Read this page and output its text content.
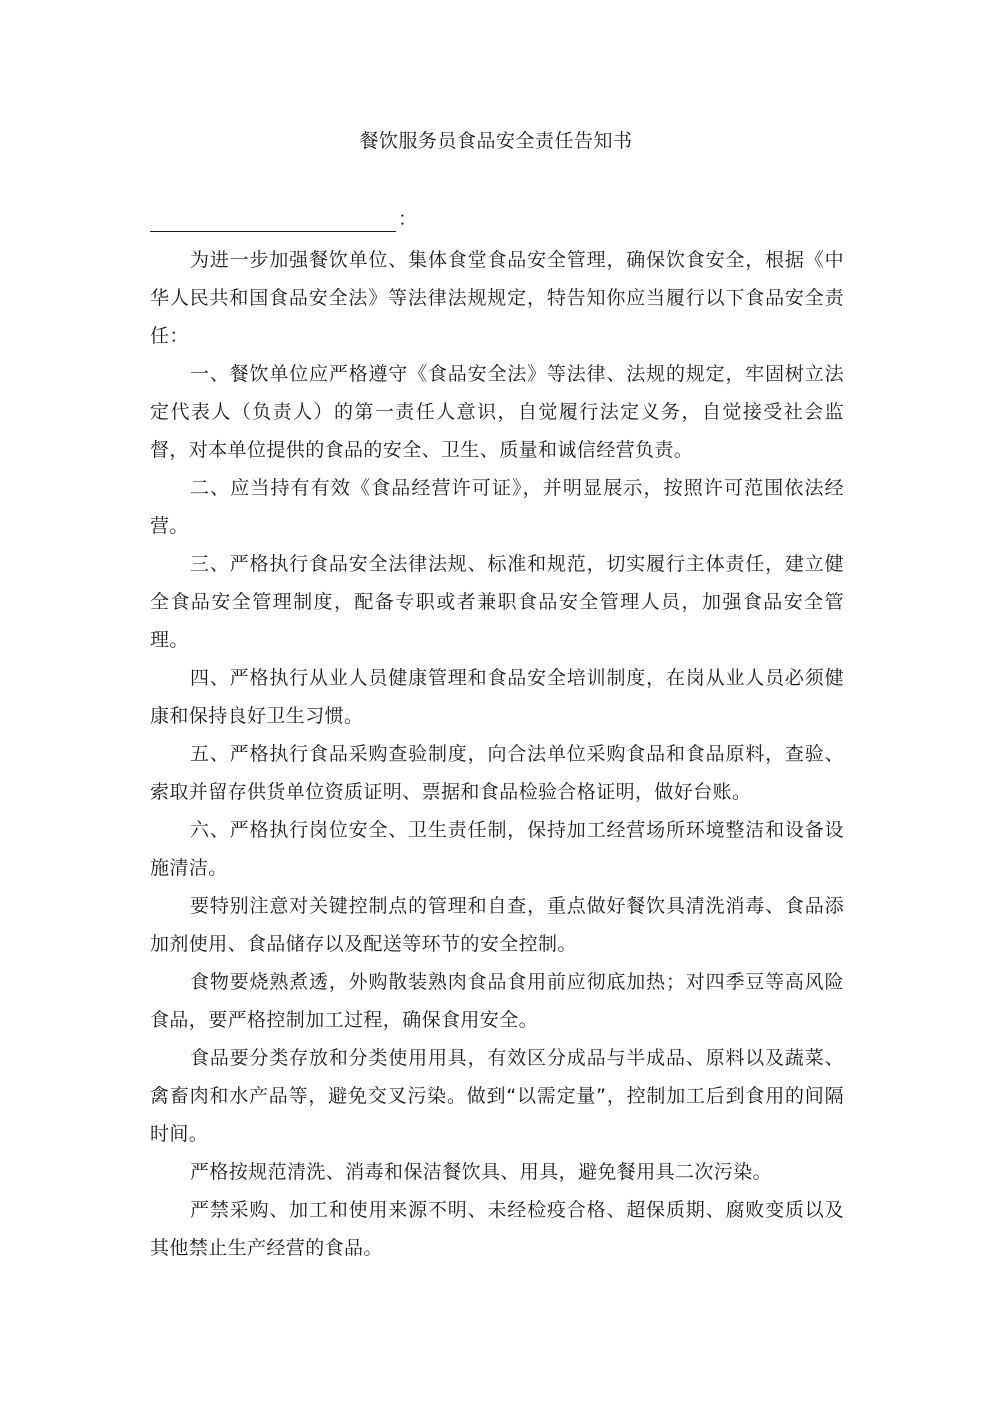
餐饮服务员食品安全责任告知书
：

为进一步加强餐饮单位、集体食堂食品安全管理，确保饮食安全，根据《中华人民共和国食品安全法》等法律法规规定，特告知你应当履行以下食品安全责任：

一、餐饮单位应严格遵守《食品安全法》等法律、法规的规定，牢固树立法定代表人（负责人）的第一责任人意识，自觉履行法定义务，自觉接受社会监督，对本单位提供的食品的安全、卫生、质量和诚信经营负责。

二、应当持有有效《食品经营许可证》，并明显展示，按照许可范围依法经营。

三、严格执行食品安全法律法规、标准和规范，切实履行主体责任，建立健全食品安全管理制度，配备专职或者兼职食品安全管理人员，加强食品安全管理。

四、严格执行从业人员健康管理和食品安全培训制度，在岗从业人员必须健康和保持良好卫生习惯。

五、严格执行食品采购查验制度，向合法单位采购食品和食品原料，查验、索取并留存供货单位资质证明、票据和食品检验合格证明，做好台账。

六、严格执行岗位安全、卫生责任制，保持加工经营场所环境整洁和设备设施清洁。

要特别注意对关键控制点的管理和自查，重点做好餐饮具清洗消毒、食品添加剂使用、食品储存以及配送等环节的安全控制。

食物要烧熟煮透，外购散装熟肉食品食用前应彻底加热；对四季豆等高风险食品，要严格控制加工过程，确保食用安全。

食品要分类存放和分类使用用具，有效区分成品与半成品、原料以及蔬菜、禽畜肉和水产品等，避免交叉污染。做到“以需定量”，控制加工后到食用的间隔时间。

严格按规范清洗、消毒和保洁餐饮具、用具，避免餐用具二次污染。

严禁采购、加工和使用来源不明、未经检疫合格、超保质期、腐败变质以及其他禁止生产经营的食品。
